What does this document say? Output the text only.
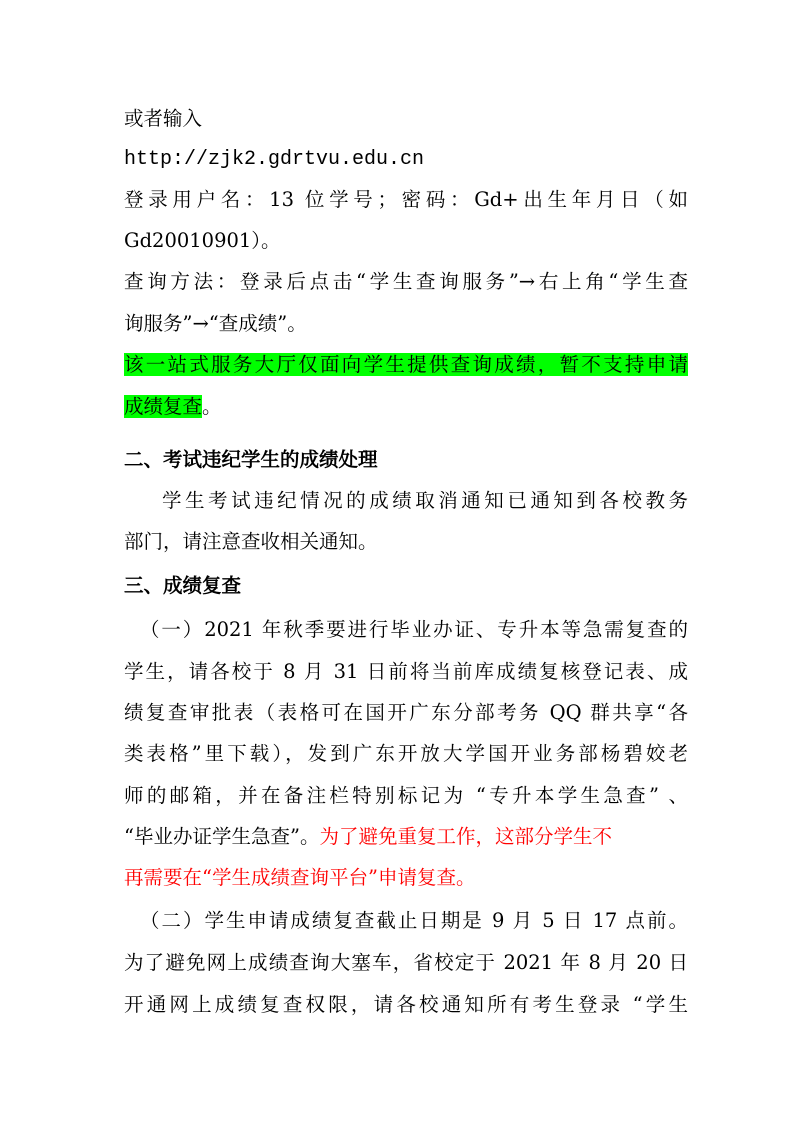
或者输入
http://zjk2.gdrtvu.edu.cn
登录用户名：13 位学号；密码：Gd+出生年月日（如
Gd20010901）。
查询方法：登录后点击“学生查询服务”→右上角“学生查
询服务”→“查成绩”。
该一站式服务大厅仅面向学生提供查询成绩，暂不支持申请
成绩复查。
二、考试违纪学生的成绩处理
学生考试违纪情况的成绩取消通知已通知到各校教务
部门，请注意查收相关通知。
三、成绩复查
（一）2021 年秋季要进行毕业办证、专升本等急需复查的
学生，请各校于 8 月 31 日前将当前库成绩复核登记表、成
绩复查审批表（表格可在国开广东分部考务 QQ 群共享“各
类表格”里下载），发到广东开放大学国开业务部杨碧姣老
师的邮箱，并在备注栏特别标记为 “专升本学生急查” 、
“毕业办证学生急查”。为了避免重复工作，这部分学生不
再需要在“学生成绩查询平台”申请复查。
（二）学生申请成绩复查截止日期是 9 月 5 日 17 点前。
为了避免网上成绩查询大塞车，省校定于 2021 年 8 月 20 日
开通网上成绩复查权限，请各校通知所有考生登录 “学生
